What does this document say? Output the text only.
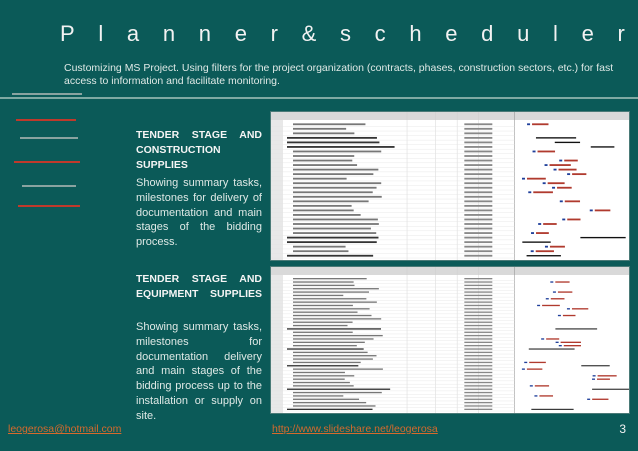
P l a n n e r & s c h e d u l e r
Customizing MS Project. Using filters for the project organization (contracts, phases, construction sectors, etc.) for fast access to information and facilitate monitoring.
TENDER STAGE AND CONSTRUCTION SUPPLIES
Showing summary tasks, milestones for delivery of documentation and main stages of the bidding process.
TENDER STAGE AND EQUIPMENT SUPPLIES
Showing summary tasks, milestones for documentation delivery and main stages of the bidding process up to the installation or supply on site.
leogerosa@hotmail.com	http://www.slideshare.net/leogerosa	3
